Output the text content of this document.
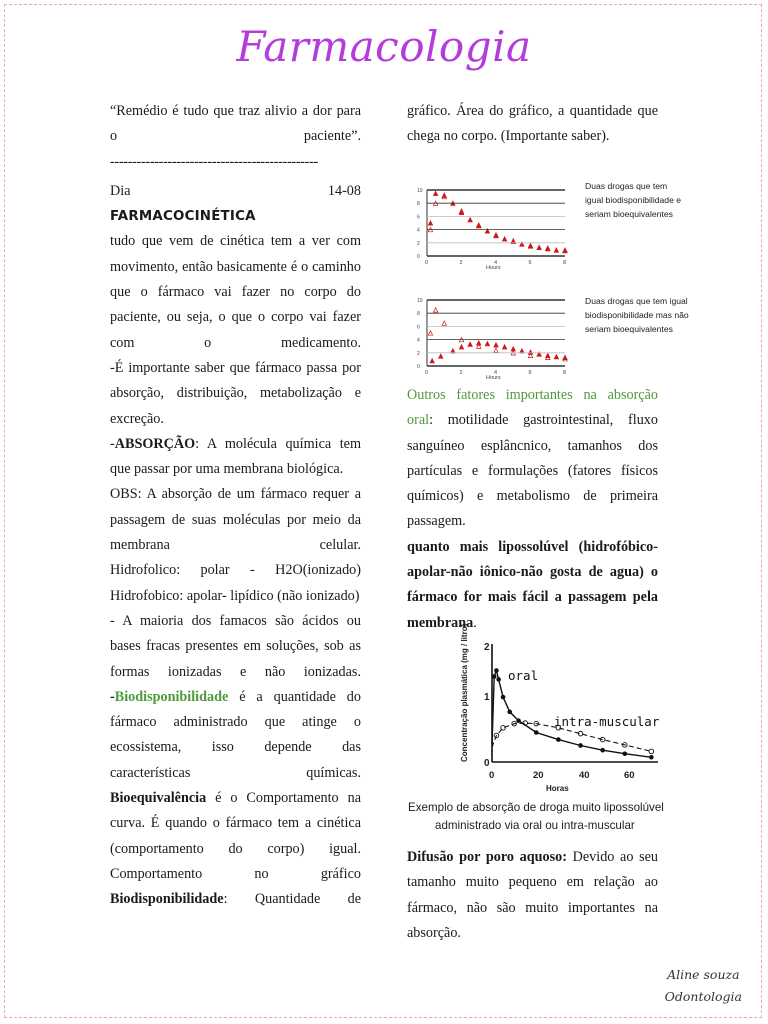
Farmacologia

“Remédio é tudo que traz alivio a dor para o paciente”.

-----------------------------------------------

Dia	14-08

FARMACOCINÉTICA

tudo que vem de cinética tem a ver com movimento, então basicamente é o caminho que o fármaco vai fazer no corpo do paciente, ou seja, o que o corpo vai fazer com o medicamento.

-É importante saber que fármaco passa por absorção, distribuição, metabolização e excreção.

-ABSORÇÃO: A molécula química tem que passar por uma membrana biológica.

OBS: A absorção de um fármaco requer a passagem de suas moléculas por meio da membrana celular.

Hidrofolico: polar - H2O(ionizado)

Hidrofobico: apolar- lipídico (não ionizado)

- A maioria dos famacos são ácidos ou bases fracas presentes em soluções, sob as formas ionizadas e não ionizadas.

-Biodisponibilidade é a quantidade do fármaco administrado que atinge o ecossistema, isso depende das características químicas.

Bioequivalência é o Comportamento na curva. É quando o fármaco tem a cinética (comportamento do corpo) igual. Comportamento no gráfico

Biodisponibilidade: Quantidade de

gráfico. Área do gráfico, a quantidade que chega no corpo. (Importante saber).

10
8
6
4
2
0
8
6
4
2
0
Duas drogas que tem
igual biodisponibilidade e
seriam bioequivalentes
Hours
10
8
6
4
2
0
8
6
4
2
0
Duas drogas que tem igual
biodisponibilidade mas não
seriam bioequivalentes
Hours

Outros fatores importantes na absorção oral: motilidade gastrointestinal, fluxo sanguíneo esplâncnico, tamanhos dos partículas e formulações (fatores físicos químicos) e metabolismo de primeira passagem.

quanto mais lipossolúvel (hidrofóbico-apolar-não iônico-não gosta de agua) o fármaco for mais fácil a passagem pela membrana.

Concentração plasmática (mg / litro) 2
1
0
0	20	40	60
Horas
oral
intra-muscular
Exemplo de absorção de droga muito lipossolúvel
administrado via oral ou intra-muscular

Difusão por poro aquoso: Devido ao seu tamanho muito pequeno em relação ao fármaco, não são muito importantes na absorção.

Aline souza
Odontologia
